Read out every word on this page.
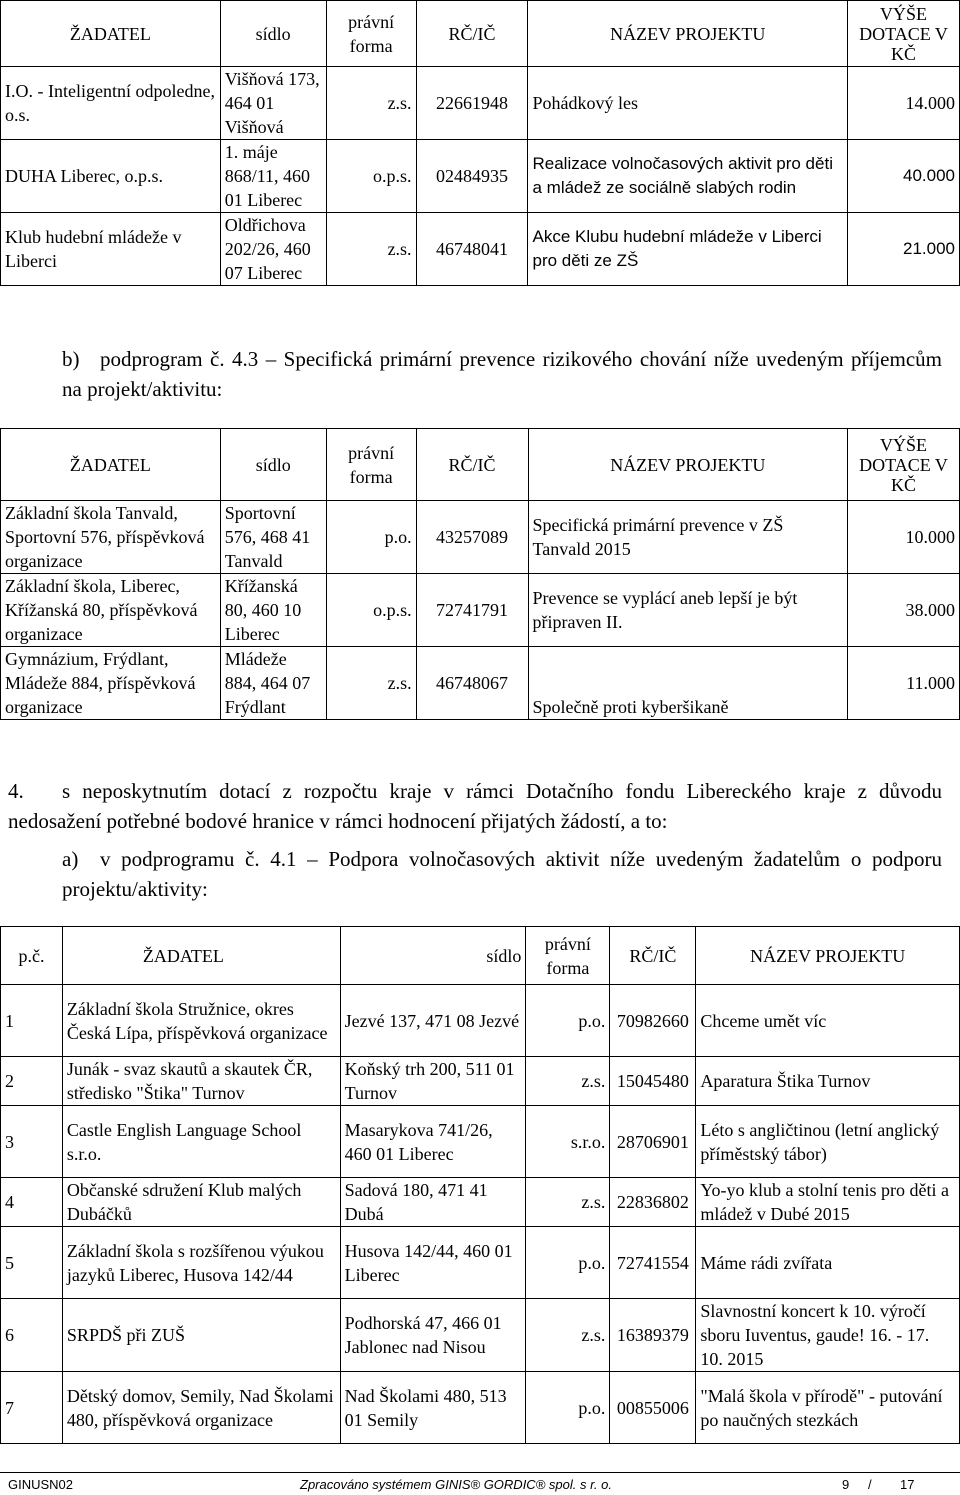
ŽADATEL	sídlo	právní forma	RČ/IČ	NÁZEV PROJEKTU	VÝŠE DOTACE V KČ
I.O. - Inteligentní odpoledne, o.s.	Višňová 173, 464 01 Višňová	z.s.	22661948	Pohádkový les	14.000
DUHA Liberec, o.p.s.	1. máje 868/11, 460 01 Liberec	o.p.s.	02484935	Realizace volnočasových aktivit pro děti a mládež ze sociálně slabých rodin	40.000
Klub hudební mládeže v Liberci	Oldřichova 202/26, 460 07 Liberec	z.s.	46748041	Akce Klubu hudební mládeže v Liberci pro děti ze ZŠ	21.000
b) podprogram č. 4.3 – Specifická primární prevence rizikového chování níže uvedeným příjemcům na projekt/aktivitu:
ŽADATEL	sídlo	právní forma	RČ/IČ	NÁZEV PROJEKTU	VÝŠE DOTACE V KČ
Základní škola Tanvald, Sportovní 576, příspěvková organizace	Sportovní 576, 468 41 Tanvald	p.o.	43257089	Specifická primární prevence v ZŠ Tanvald 2015	10.000
Základní škola, Liberec, Křížanská 80, příspěvková organizace	Křížanská 80, 460 10 Liberec	o.p.s.	72741791	Prevence se vyplácí aneb lepší je být připraven II.	38.000
Gymnázium, Frýdlant, Mládeže 884, příspěvková organizace	Mládeže 884, 464 07 Frýdlant	z.s.	46748067	Společně proti kyberšikaně	11.000
4. s neposkytnutím dotací z rozpočtu kraje v rámci Dotačního fondu Libereckého kraje z důvodu nedosažení potřebné bodové hranice v rámci hodnocení přijatých žádostí, a to:
a) v podprogramu č. 4.1 – Podpora volnočasových aktivit níže uvedeným žadatelům o podporu projektu/aktivity:
p.č.	ŽADATEL	sídlo	právní forma	RČ/IČ	NÁZEV PROJEKTU
1	Základní škola Stružnice, okres Česká Lípa, příspěvková organizace	Jezvé 137, 471 08 Jezvé	p.o.	70982660	Chceme umět víc
2	Junák - svaz skautů a skautek ČR, středisko "Štika" Turnov	Koňský trh 200, 511 01 Turnov	z.s.	15045480	Aparatura Štika Turnov
3	Castle English Language School s.r.o.	Masarykova 741/26, 460 01 Liberec	s.r.o.	28706901	Léto s angličtinou (letní anglický příměstský tábor)
4	Občanské sdružení Klub malých Dubáčků	Sadová 180, 471 41 Dubá	z.s.	22836802	Yo-yo klub a stolní tenis pro děti a mládež v Dubé 2015
5	Základní škola s rozšířenou výukou jazyků Liberec, Husova 142/44	Husova 142/44, 460 01 Liberec	p.o.	72741554	Máme rádi zvířata
6	SRPDŠ při ZUŠ	Podhorská 47, 466 01 Jablonec nad Nisou	z.s.	16389379	Slavnostní koncert k 10. výročí sboru Iuventus, gaude! 16. - 17. 10. 2015
7	Dětský domov, Semily, Nad Školami 480, příspěvková organizace	Nad Školami 480, 513 01 Semily	p.o.	00855006	"Malá škola v přírodě" - putování po naučných stezkách
GINUSN02	Zpracováno systémem GINIS® GORDIC® spol. s r. o.	9 / 17
